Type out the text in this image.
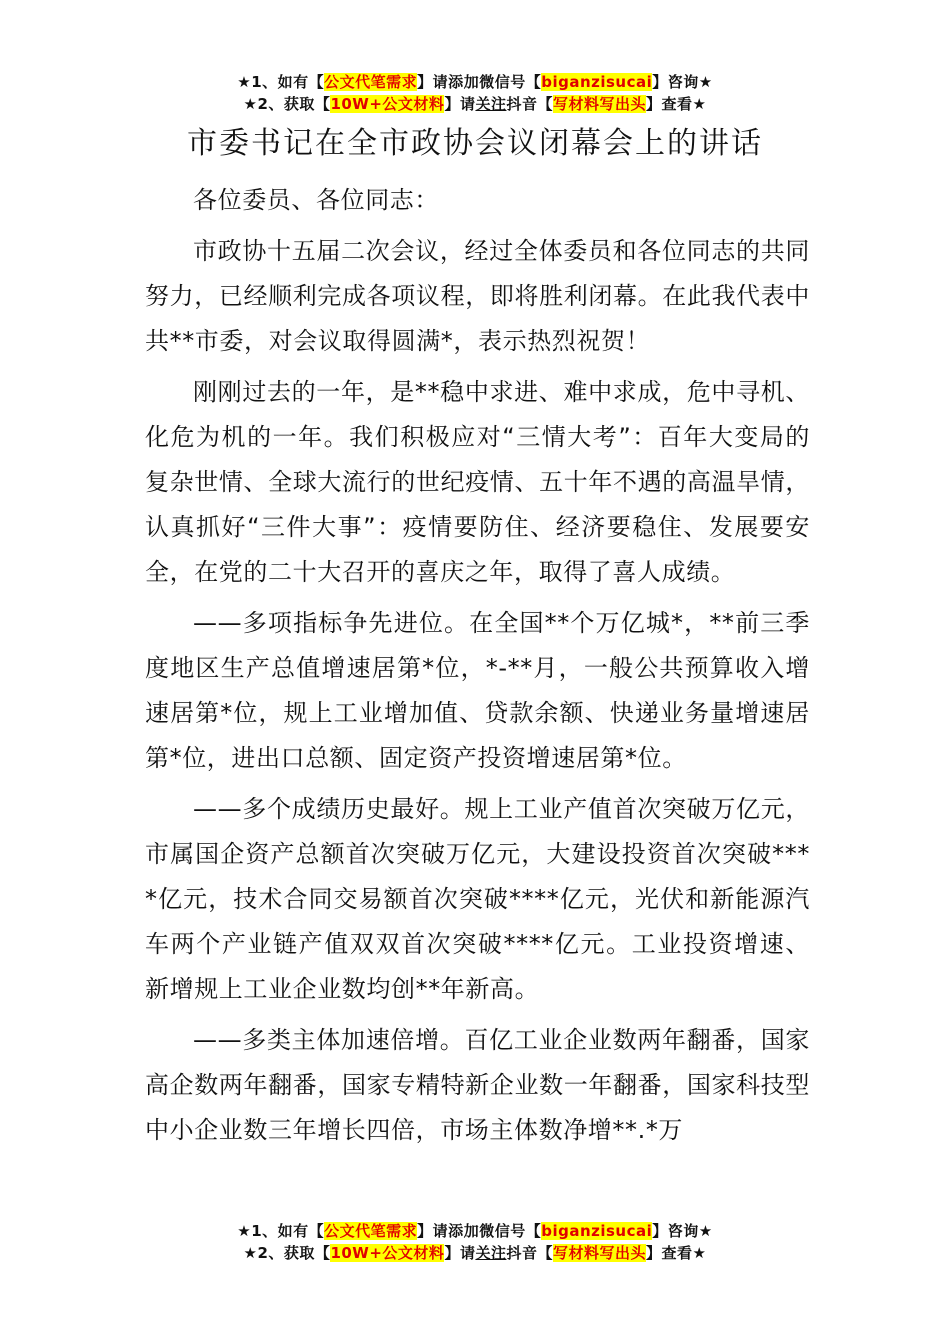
★1、如有【公文代笔需求】请添加微信号【biganzisucai】咨询★
★2、获取【10W+公文材料】请关注抖音【写材料写出头】查看★
市委书记在全市政协会议闭幕会上的讲话

各位委员、各位同志：

市政协十五届二次会议，经过全体委员和各位同志的共同努力，已经顺利完成各项议程，即将胜利闭幕。在此我代表中共**市委，对会议取得圆满*，表示热烈祝贺！

刚刚过去的一年，是**稳中求进、难中求成，危中寻机、化危为机的一年。我们积极应对“三情大考”：百年大变局的复杂世情、全球大流行的世纪疫情、五十年不遇的高温旱情，认真抓好“三件大事”：疫情要防住、经济要稳住、发展要安全，在党的二十大召开的喜庆之年，取得了喜人成绩。

——多项指标争先进位。在全国**个万亿城*，**前三季度地区生产总值增速居第*位，*-**月，一般公共预算收入增速居第*位，规上工业增加值、贷款余额、快递业务量增速居第*位，进出口总额、固定资产投资增速居第*位。

——多个成绩历史最好。规上工业产值首次突破万亿元，市属国企资产总额首次突破万亿元，大建设投资首次突破****亿元，技术合同交易额首次突破****亿元，光伏和新能源汽车两个产业链产值双双首次突破****亿元。工业投资增速、新增规上工业企业数均创**年新高。

——多类主体加速倍增。百亿工业企业数两年翻番，国家高企数两年翻番，国家专精特新企业数一年翻番，国家科技型中小企业数三年增长四倍，市场主体数净增**.*万

★1、如有【公文代笔需求】请添加微信号【biganzisucai】咨询★
★2、获取【10W+公文材料】请关注抖音【写材料写出头】查看★
